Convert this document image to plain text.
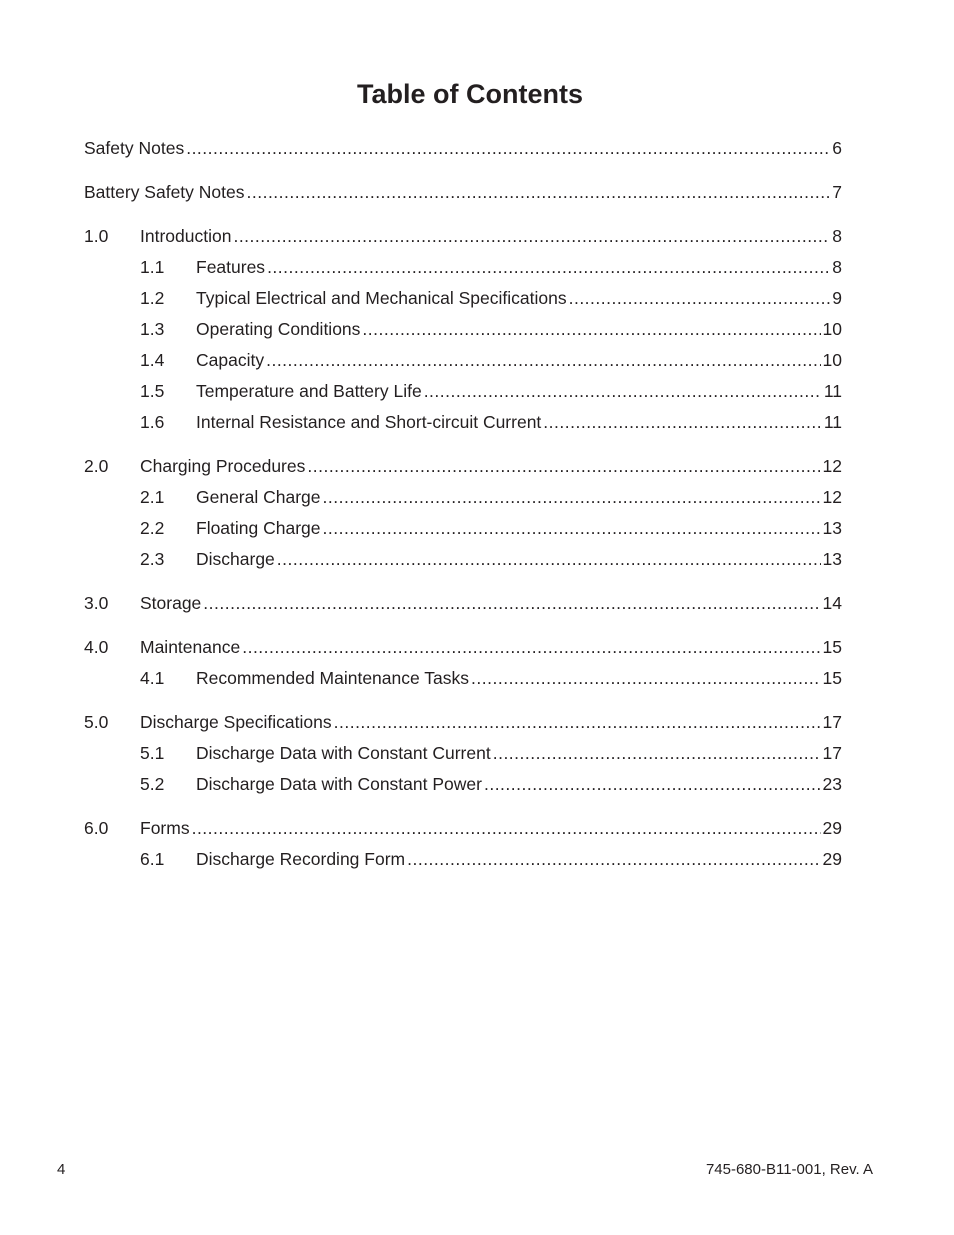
Table of Contents
Safety Notes .....	6
Battery Safety Notes .....	7
1.0	Introduction .....	8
1.1	Features .....	8
1.2	Typical Electrical and Mechanical Specifications .....	9
1.3	Operating Conditions .....	10
1.4	Capacity .....	10
1.5	Temperature and Battery Life .....	11
1.6	Internal Resistance and Short-circuit Current .....	11
2.0	Charging Procedures .....	12
2.1	General Charge .....	12
2.2	Floating Charge .....	13
2.3	Discharge .....	13
3.0	Storage .....	14
4.0	Maintenance .....	15
4.1	Recommended Maintenance Tasks .....	15
5.0	Discharge Specifications .....	17
5.1	Discharge Data with Constant Current .....	17
5.2	Discharge Data with Constant Power .....	23
6.0	Forms .....	29
6.1	Discharge Recording Form .....	29
4	745-680-B11-001, Rev. A
